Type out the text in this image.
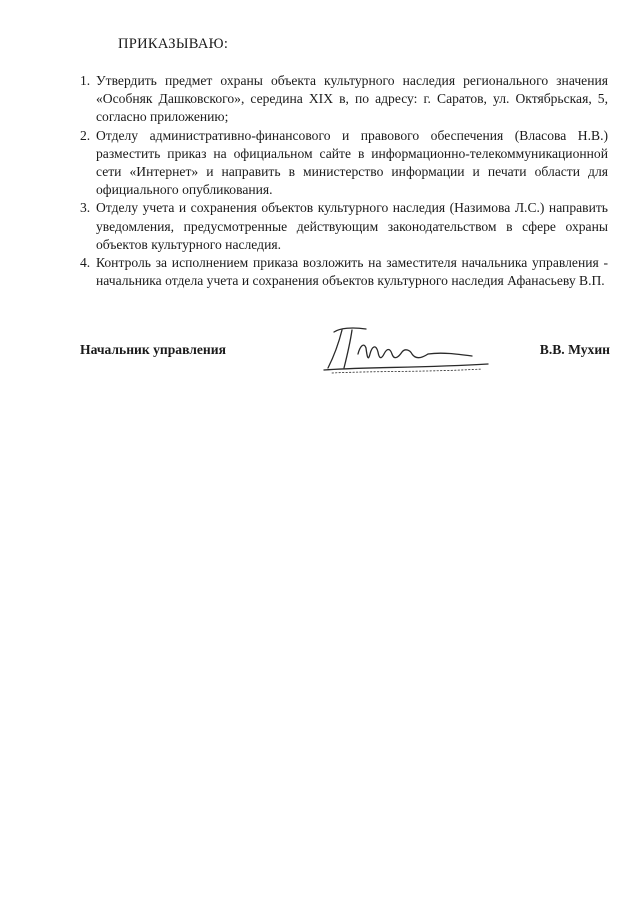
ПРИКАЗЫВАЮ:
1. Утвердить предмет охраны объекта культурного наследия регионального значения «Особняк Дашковского», середина XIX в, по адресу: г. Саратов, ул. Октябрьская, 5, согласно приложению;
2. Отделу административно-финансового и правового обеспечения (Власова Н.В.) разместить приказ на официальном сайте в информационно-телекоммуникационной сети «Интернет» и направить в министерство информации и печати области для официального опубликования.
3. Отделу учета и сохранения объектов культурного наследия (Назимова Л.С.) направить уведомления, предусмотренные действующим законодательством в сфере охраны объектов культурного наследия.
4. Контроль за исполнением приказа возложить на заместителя начальника управления - начальника отдела учета и сохранения объектов культурного наследия Афанасьеву В.П.
Начальник управления	В.В. Мухин
